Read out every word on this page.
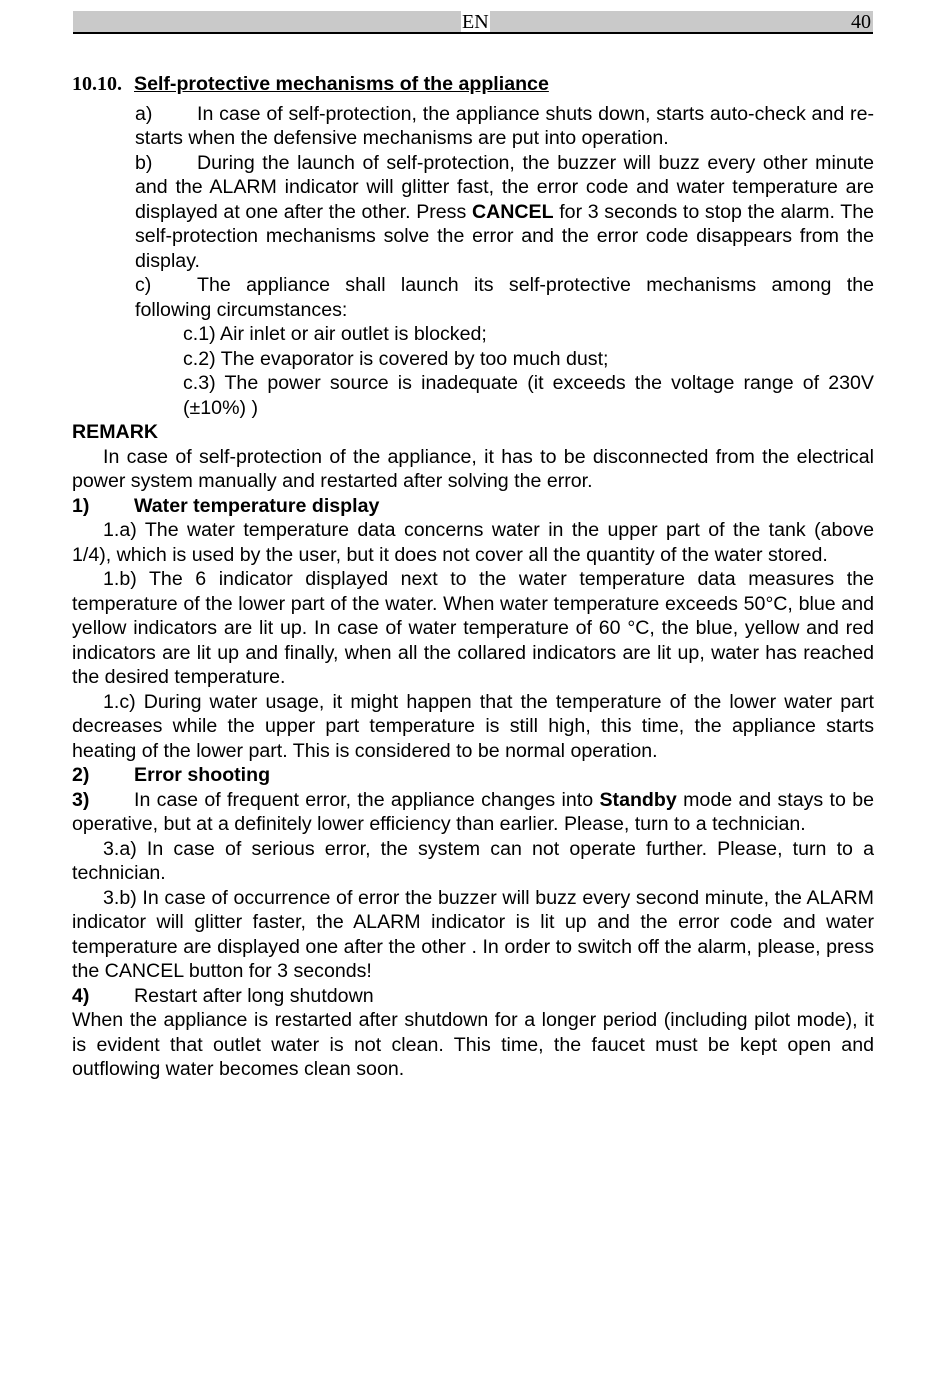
EN	40

10.10. Self-protective mechanisms of the appliance

a) In case of self-protection, the appliance shuts down, starts auto-check and re-starts when the defensive mechanisms are put into operation.

b) During the launch of self-protection, the buzzer will buzz every other minute and the ALARM indicator will glitter fast, the error code and water temperature are displayed at one after the other. Press CANCEL for 3 seconds to stop the alarm. The self-protection mechanisms solve the error and the error code disappears from the display.

c) The appliance shall launch its self-protective mechanisms among the following circumstances:

c.1) Air inlet or air outlet is blocked;

c.2) The evaporator is covered by too much dust;

c.3) The power source is inadequate (it exceeds the voltage range of 230V (±10%) )

REMARK

In case of self-protection of the appliance, it has to be disconnected from the electrical power system manually and restarted after solving the error.

1) Water temperature display

1.a) The water temperature data concerns water in the upper part of the tank (above 1/4), which is used by the user, but it does not cover all the quantity of the water stored.

1.b) The 6 indicator displayed next to the water temperature data measures the temperature of the lower part of the water. When water temperature exceeds 50°C, blue and yellow indicators are lit up. In case of water temperature of 60 °C, the blue, yellow and red indicators are lit up and finally, when all the collared indicators are lit up, water has reached the desired temperature.

1.c) During water usage, it might happen that the temperature of the lower water part decreases while the upper part temperature is still high, this time, the appliance starts heating of the lower part. This is considered to be normal operation.

2) Error shooting

3) In case of frequent error, the appliance changes into Standby mode and stays to be operative, but at a definitely lower efficiency than earlier. Please, turn to a technician.

3.a) In case of serious error, the system can not operate further. Please, turn to a technician.

3.b) In case of occurrence of error the buzzer will buzz every second minute, the ALARM indicator will glitter faster, the ALARM indicator is lit up and the error code and water temperature are displayed one after the other . In order to switch off the alarm, please, press the CANCEL button for 3 seconds!

4) Restart after long shutdown

When the appliance is restarted after shutdown for a longer period (including pilot mode), it is evident that outlet water is not clean. This time, the faucet must be kept open and outflowing water becomes clean soon.
